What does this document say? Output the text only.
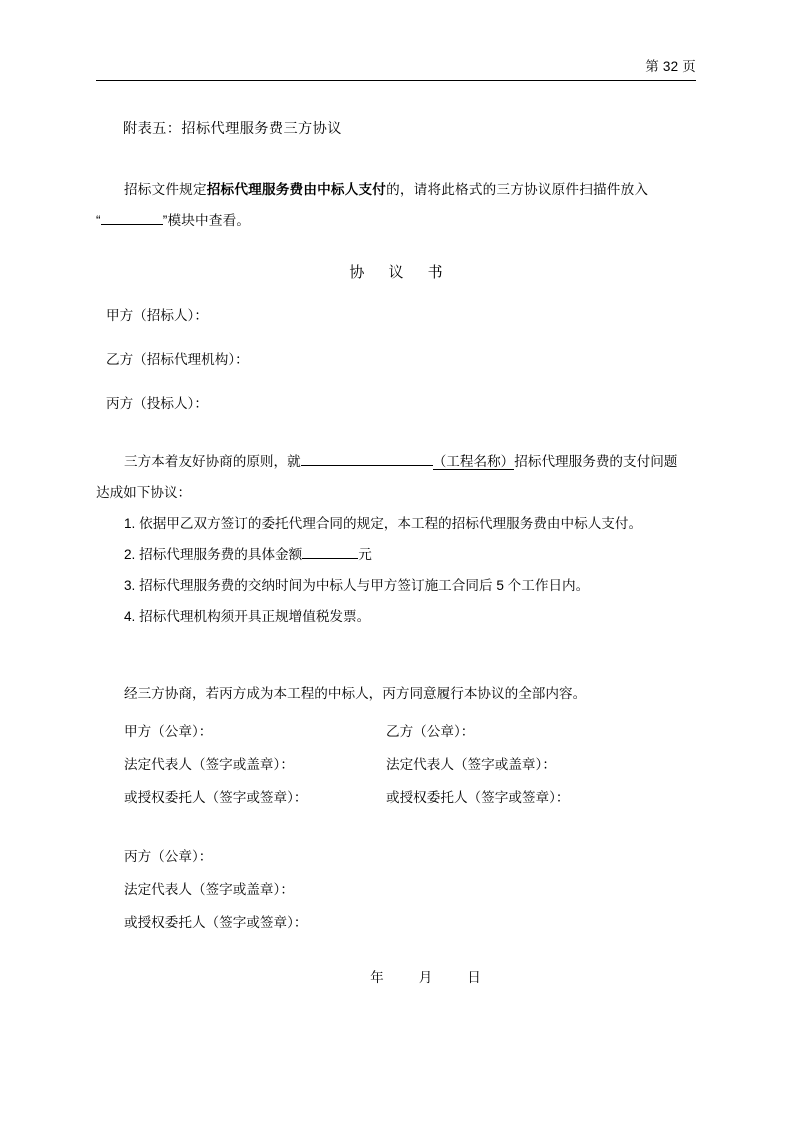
第 32 页
附表五：招标代理服务费三方协议
招标文件规定招标代理服务费由中标人支付的，请将此格式的三方协议原件扫描件放入
“	”模块中查看。
协 议 书
甲方（招标人）：
乙方（招标代理机构）：
丙方（投标人）：
三方本着友好协商的原则，就	（工程名称）招标代理服务费的支付问题
达成如下协议：
1. 依据甲乙双方签订的委托代理合同的规定，本工程的招标代理服务费由中标人支付。
2. 招标代理服务费的具体金额	元
3. 招标代理服务费的交纳时间为中标人与甲方签订施工合同后 5 个工作日内。
4. 招标代理机构须开具正规增值税发票。
经三方协商，若丙方成为本工程的中标人，丙方同意履行本协议的全部内容。
甲方（公章）：	乙方（公章）：
法定代表人（签字或盖章）：	法定代表人（签字或盖章）：
或授权委托人（签字或签章）：	或授权委托人（签字或签章）：
丙方（公章）：
法定代表人（签字或盖章）：
或授权委托人（签字或签章）：
年	月	日
